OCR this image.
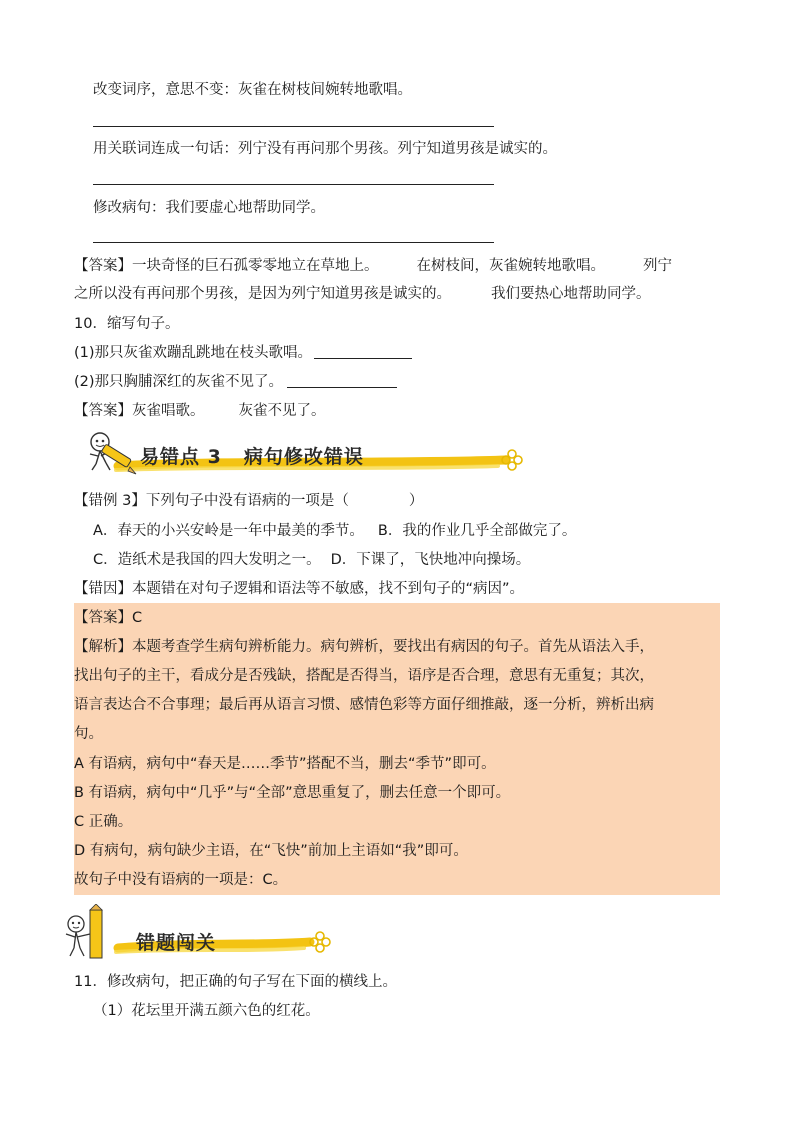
改变词序，意思不变：灰雀在树枝间婉转地歌唱。
用关联词连成一句话：列宁没有再问那个男孩。列宁知道男孩是诚实的。
修改病句：我们要虚心地帮助同学。
【答案】一块奇怪的巨石孤零零地立在草地上。	在树枝间，灰雀婉转地歌唱。	列宁
之所以没有再问那个男孩，是因为列宁知道男孩是诚实的。	我们要热心地帮助同学。
10．缩写句子。
(1)那只灰雀欢蹦乱跳地在枝头歌唱。
(2)那只胸脯深红的灰雀不见了。
【答案】灰雀唱歌。 灰雀不见了。
易错点 3 病句修改错误
【错例 3】下列句子中没有语病的一项是（	）
A．春天的小兴安岭是一年中最美的季节。 B．我的作业几乎全部做完了。
C．造纸术是我国的四大发明之一。 D．下课了，飞快地冲向操场。
【错因】本题错在对句子逻辑和语法等不敏感，找不到句子的“病因”。
【答案】C
【解析】本题考查学生病句辨析能力。病句辨析，要找出有病因的句子。首先从语法入手，
找出句子的主干，看成分是否残缺，搭配是否得当，语序是否合理，意思有无重复；其次，
语言表达合不合事理；最后再从语言习惯、感情色彩等方面仔细推敲，逐一分析，辨析出病
句。
A 有语病，病句中“春天是……季节”搭配不当，删去“季节”即可。
B 有语病，病句中“几乎”与“全部”意思重复了，删去任意一个即可。
C 正确。
D 有病句，病句缺少主语，在“飞快”前加上主语如“我”即可。
故句子中没有语病的一项是：C。
错题闯关
11．修改病句，把正确的句子写在下面的横线上。
（1）花坛里开满五颜六色的红花。
